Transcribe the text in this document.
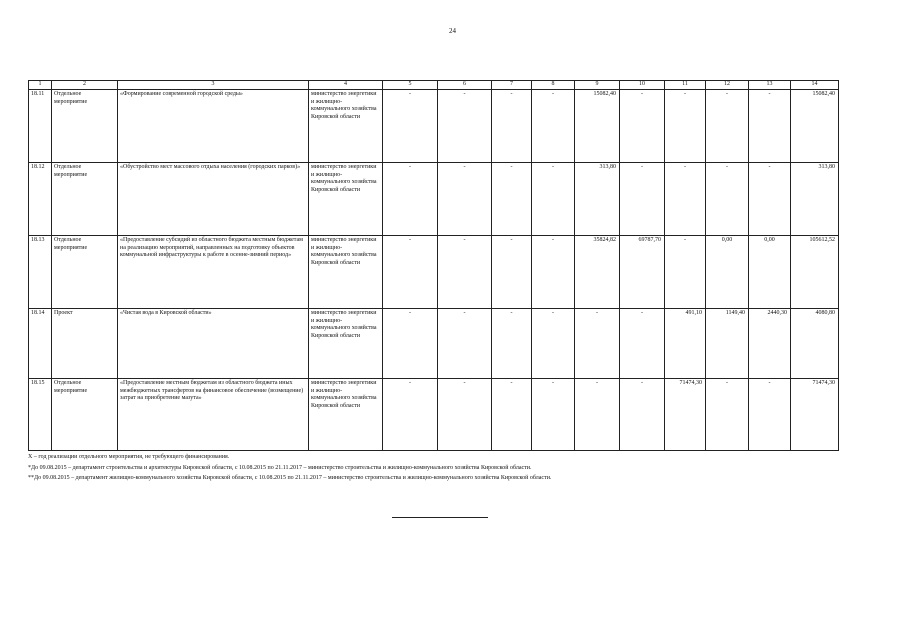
24
1	2	3	4	5	6	7	8	9	10	11	12	13	14
18.11	Отдельное мероприятие	«Формирование современной городской среды»	министерство энергетики и жилищно-коммунального хозяйства Кировской области	-	-	-	-	15082,40	-	-	-	-	15082,40
18.12	Отдельное мероприятие	«Обустройство мест массового отдыха населения (городских парков)»	министерство энергетики и жилищно-коммунального хозяйства Кировской области	-	-	-	-	313,80	-	-	-	-	313,80
18.13	Отдельное мероприятие	«Предоставление субсидий из областного бюджета местным бюджетам на реализацию мероприятий, направленных на подготовку объектов коммунальной инфраструктуры к работе в осенне-зимний период»	министерство энергетики и жилищно-коммунального хозяйства Кировской области	-	-	-	-	35824,82	69787,70	-	0,00	0,00	105612,52
18.14	Проект	«Чистая вода в Кировской области»	министерство энергетики и жилищно-коммунального хозяйства Кировской области	-	-	-	-	-	-	491,10	1149,40	2440,30	4080,80
18.15	Отдельное мероприятие	«Предоставление местным бюджетам из областного бюджета иных межбюджетных трансфертов на финансовое обеспечение (возмещение) затрат на приобретение мазута»	министерство энергетики и жилищно-коммунального хозяйства Кировской области	-	-	-	-	-	-	71474,30	-	-	71474,30
Х – год реализации отдельного мероприятия, не требующего финансирования.
*До 09.08.2015 – департамент строительства и архитектуры Кировской области, с 10.08.2015 по 21.11.2017 – министерство строительства и жилищно-коммунального хозяйства Кировской области.
**До 09.08.2015 – департамент жилищно-коммунального хозяйства Кировской области, с 10.08.2015 по 21.11.2017 – министерство строительства и жилищно-коммунального хозяйства Кировской области.
